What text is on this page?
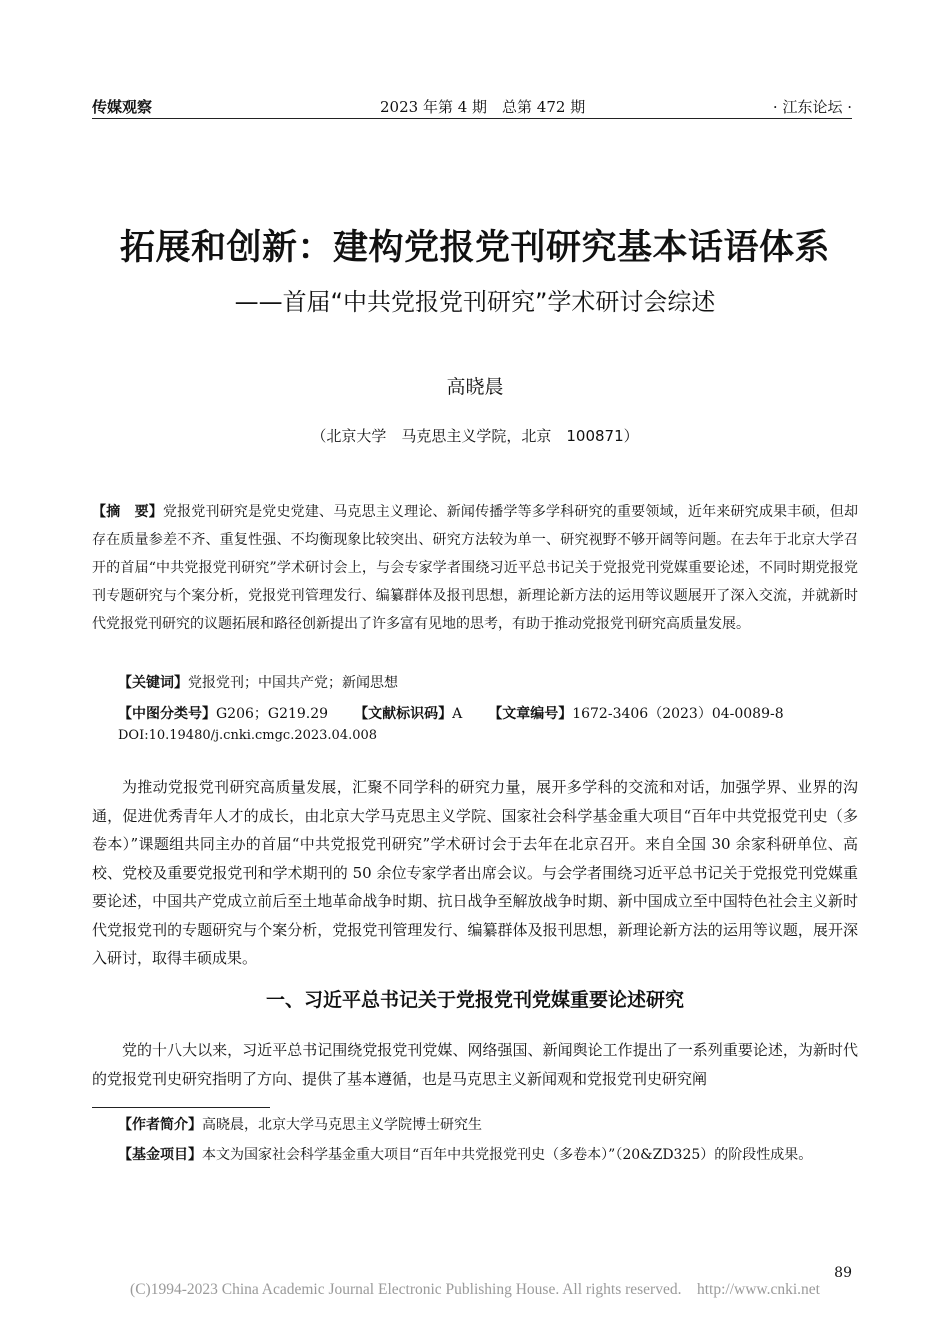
传媒观察	2023 年第 4 期　总第 472 期	· 江东论坛 ·
拓展和创新：建构党报党刊研究基本话语体系
——首届“中共党报党刊研究”学术研讨会综述
高晓晨
（北京大学　马克思主义学院，北京　100871）
【摘　要】党报党刊研究是党史党建、马克思主义理论、新闻传播学等多学科研究的重要领域，近年来研究成果丰硕，但却存在质量参差不齐、重复性强、不均衡现象比较突出、研究方法较为单一、研究视野不够开阔等问题。在去年于北京大学召开的首届“中共党报党刊研究”学术研讨会上，与会专家学者围绕习近平总书记关于党报党刊党媒重要论述，不同时期党报党刊专题研究与个案分析，党报党刊管理发行、编纂群体及报刊思想，新理论新方法的运用等议题展开了深入交流，并就新时代党报党刊研究的议题拓展和路径创新提出了许多富有见地的思考，有助于推动党报党刊研究高质量发展。
【关键词】党报党刊；中国共产党；新闻思想
【中图分类号】G206；G219.29 【文献标识码】A 【文章编号】1672-3406（2023）04-0089-8
DOI:10.19480/j.cnki.cmgc.2023.04.008
为推动党报党刊研究高质量发展，汇聚不同学科的研究力量，展开多学科的交流和对话，加强学界、业界的沟通，促进优秀青年人才的成长，由北京大学马克思主义学院、国家社会科学基金重大项目“百年中共党报党刊史（多卷本）”课题组共同主办的首届“中共党报党刊研究”学术研讨会于去年在北京召开。来自全国 30 余家科研单位、高校、党校及重要党报党刊和学术期刊的 50 余位专家学者出席会议。与会学者围绕习近平总书记关于党报党刊党媒重要论述，中国共产党成立前后至土地革命战争时期、抗日战争至解放战争时期、新中国成立至中国特色社会主义新时代党报党刊的专题研究与个案分析，党报党刊管理发行、编纂群体及报刊思想，新理论新方法的运用等议题，展开深入研讨，取得丰硕成果。
一、习近平总书记关于党报党刊党媒重要论述研究
党的十八大以来，习近平总书记围绕党报党刊党媒、网络强国、新闻舆论工作提出了一系列重要论述，为新时代的党报党刊史研究指明了方向、提供了基本遵循，也是马克思主义新闻观和党报党刊史研究阐
【作者简介】高晓晨，北京大学马克思主义学院博士研究生
【基金项目】本文为国家社会科学基金重大项目“百年中共党报党刊史（多卷本）”（20&ZD325）的阶段性成果。
89
(C)1994-2023 China Academic Journal Electronic Publishing House. All rights reserved.　http://www.cnki.net
